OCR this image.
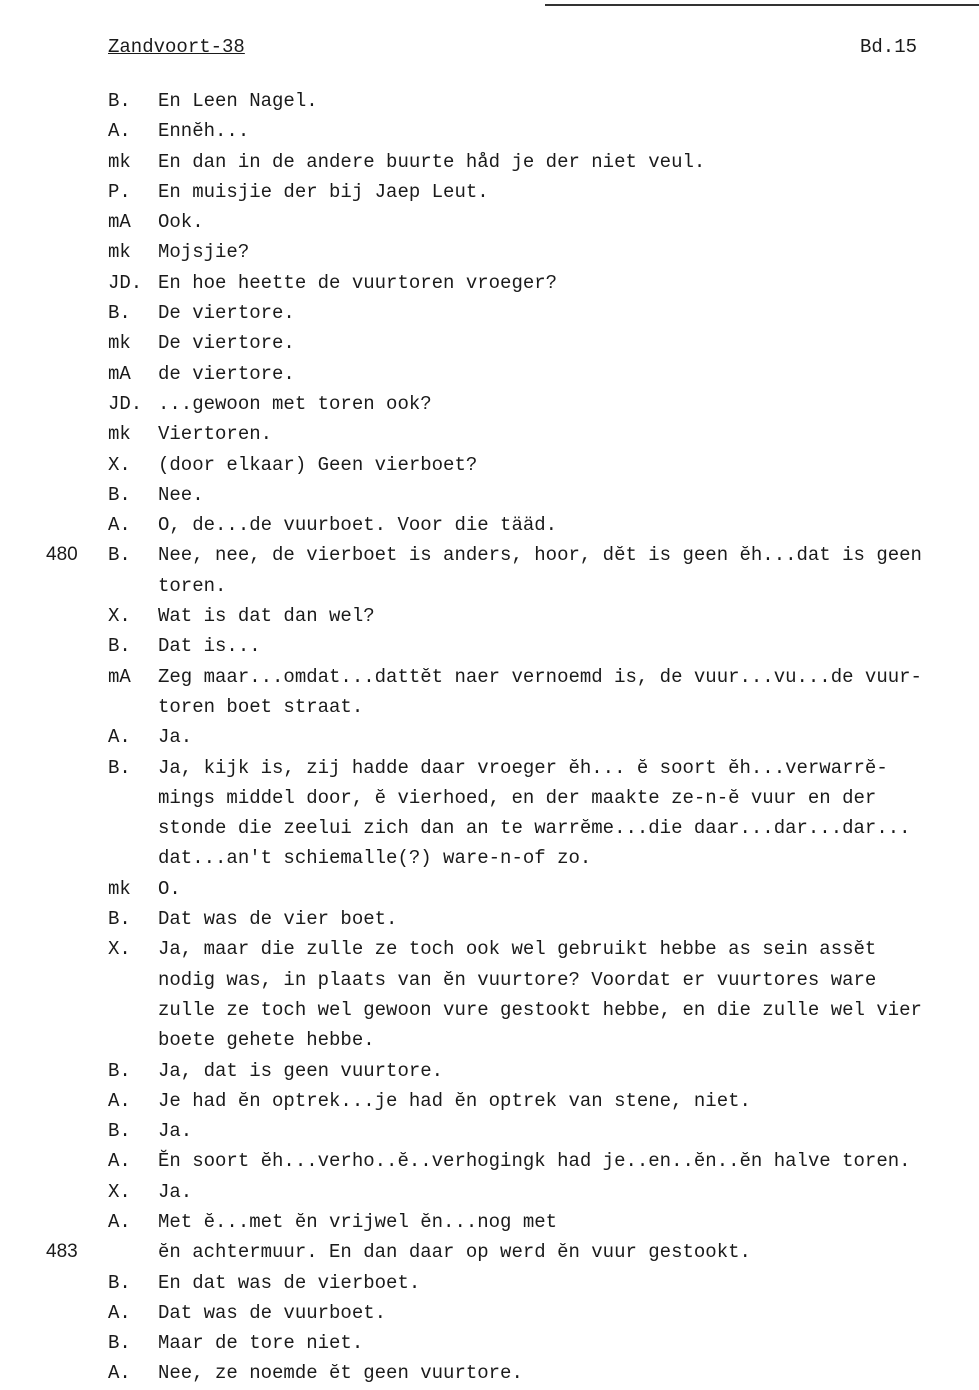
Zandvoort-38	Bd.15
B. En Leen Nagel.
A. Ennĕh...
mk En dan in de andere buurte håd je der niet veul.
P. En muisjie der bij Jaep Leut.
mA Ook.
mk Mojsjie?
JD. En hoe heette de vuurtoren vroeger?
B. De viertore.
mk De viertore.
mA de viertore.
JD. ...gewoon met toren ook?
mk Viertoren.
X. (door elkaar) Geen vierboet?
B. Nee.
A. O, de...de vuurboet. Voor die tääd.
480 B. Nee, nee, de vierboet is anders, hoor, dĕt is geen ĕh...dat is geen
toren.
X. Wat is dat dan wel?
B. Dat is...
mA Zeg maar...omdat...dattĕt naer vernoemd is, de vuur...vu...de vuur-
toren boet straat.
A. Ja.
B. Ja, kijk is, zij hadde daar vroeger ĕh... ĕ soort ĕh...verwarrĕ-
mings middel door, ĕ vierhoed, en der maakte ze-n-ĕ vuur en der
stonde die zeelui zich dan an te warrĕme...die daar...dar...dar...
dat...an't schiemalle(?) ware-n-of zo.
mk O.
B. Dat was de vier boet.
X. Ja, maar die zulle ze toch ook wel gebruikt hebbe as sein assĕt
nodig was, in plaats van ĕn vuurtore? Voordat er vuurtores ware
zulle ze toch wel gewoon vure gestookt hebbe, en die zulle wel vier
boete gehete hebbe.
B. Ja, dat is geen vuurtore.
A. Je had ĕn optrek...je had ĕn optrek van stene, niet.
B. Ja.
A. Ĕn soort ĕh...verho..ĕ..verhogingk had je..en..ĕn..ĕn halve toren.
X. Ja.
A. Met ĕ...met ĕn vrijwel ĕn...nog met
483	ĕn achtermuur. En dan daar op werd ĕn vuur gestookt.
B. En dat was de vierboet.
A. Dat was de vuurboet.
B. Maar de tore niet.
A. Nee, ze noemde ĕt geen vuurtore.
